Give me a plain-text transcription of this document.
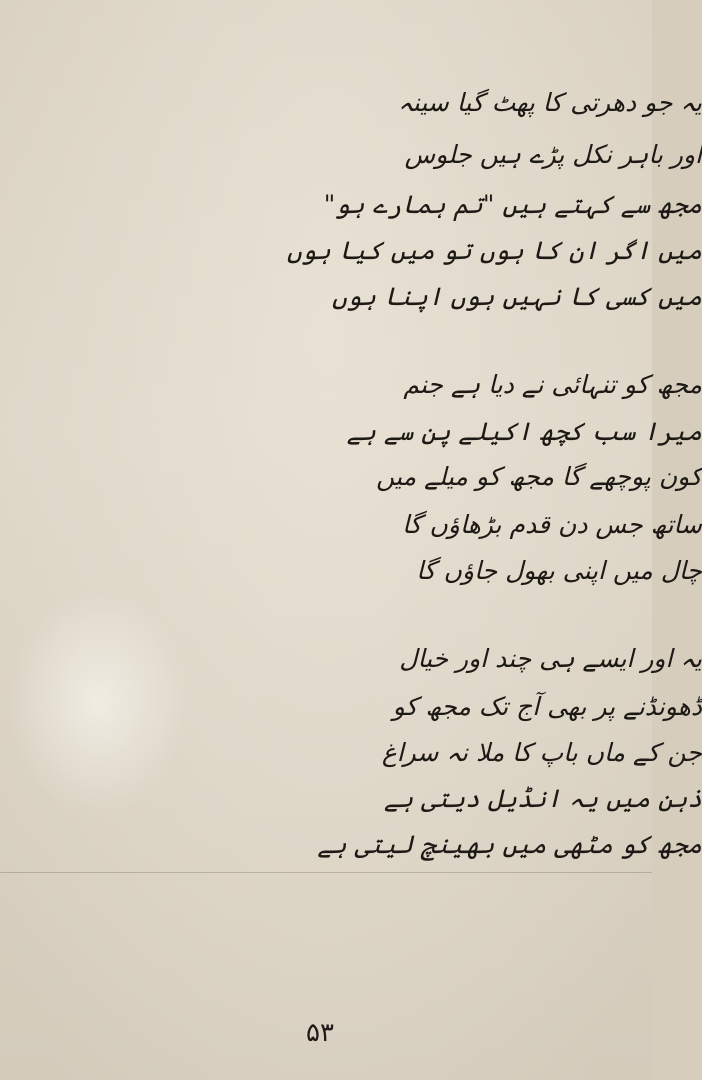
یہ جو دھرتی کا پھٹ گیا سینہ
اور باہر نکل پڑے ہیں جلوس
مجھ سے کہتے ہیں "تم ہمارے ہو"
میں اگر ان کا ہوں تو میں کیا ہوں
میں کسی کا نہیں ہوں اپنا ہوں
مجھ کو تنہائی نے دیا ہے جنم
میرا سب کچھ اکیلے پن سے ہے
کون پوچھے گا مجھ کو میلے میں
ساتھ جس دن قدم بڑھاؤں گا
چال میں اپنی بھول جاؤں گا
یہ اور ایسے ہی چند اور خیال
ڈھونڈنے پر بھی آج تک مجھ کو
جن کے ماں باپ کا ملا نہ سراغ
ذہن میں یہ انڈیل دیتی ہے
مجھ کو مٹھی میں بھینچ لیتی ہے
۵۳
